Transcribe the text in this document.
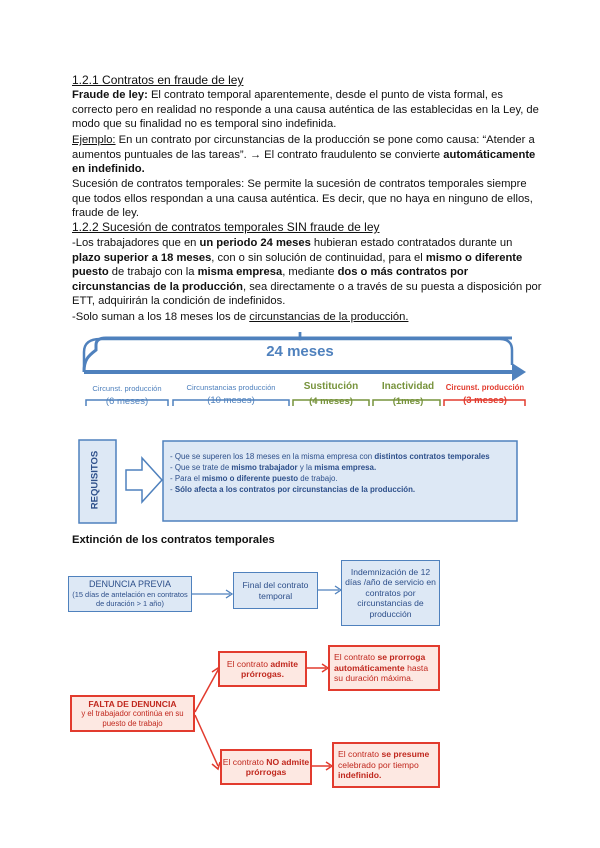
1.2.1 Contratos en fraude de ley
Fraude de ley: El contrato temporal aparentemente, desde el punto de vista formal, es correcto pero en realidad no responde a una causa auténtica de las establecidas en la Ley, de modo que su finalidad no es temporal sino indefinida.
Ejemplo: En un contrato por circunstancias de la producción se pone como causa: “Atender a aumentos puntuales de las tareas”. → El contrato fraudulento se convierte automáticamente en indefinido.
Sucesión de contratos temporales: Se permite la sucesión de contratos temporales siempre que todos ellos respondan a una causa auténtica. Es decir, que no haya en ninguno de ellos, fraude de ley.
1.2.2 Sucesión de contratos temporales SIN fraude de ley
-Los trabajadores que en un periodo 24 meses hubieran estado contratados durante un plazo superior a 18 meses, con o sin solución de continuidad, para el mismo o diferente puesto de trabajo con la misma empresa, mediante dos o más contratos por circunstancias de la producción, sea directamente o a través de su puesta a disposición por ETT, adquirirán la condición de indefinidos.
-Solo suman a los 18 meses los de circunstancias de la producción.
24 meses
Circunst. producción
(6 meses)
Circunstancias producción
(10 meses)
Sustitución
(4 meses)
Inactividad
(1mes)
Circunst. producción
(3 meses)
REQUISITOS	- Que se superen los 18 meses en la misma empresa con distintos contratos temporales
- Que se trate de mismo trabajador y la misma empresa.
- Para el mismo o diferente puesto de trabajo.
- Sólo afecta a los contratos por circunstancias de la producción.
Extinción de los contratos temporales
DENUNCIA PREVIA
(15 días de antelación en contratos de duración > 1 año)
Final del contrato temporal
Indemnización de 12 días /año de servicio en contratos por circunstancias de producción
FALTA DE DENUNCIA
y el trabajador continúa en su puesto de trabajo
El contrato admite prórrogas.
El contrato se prorroga automáticamente hasta su duración máxima.
El contrato NO admite prórrogas
El contrato se presume celebrado por tiempo indefinido.
